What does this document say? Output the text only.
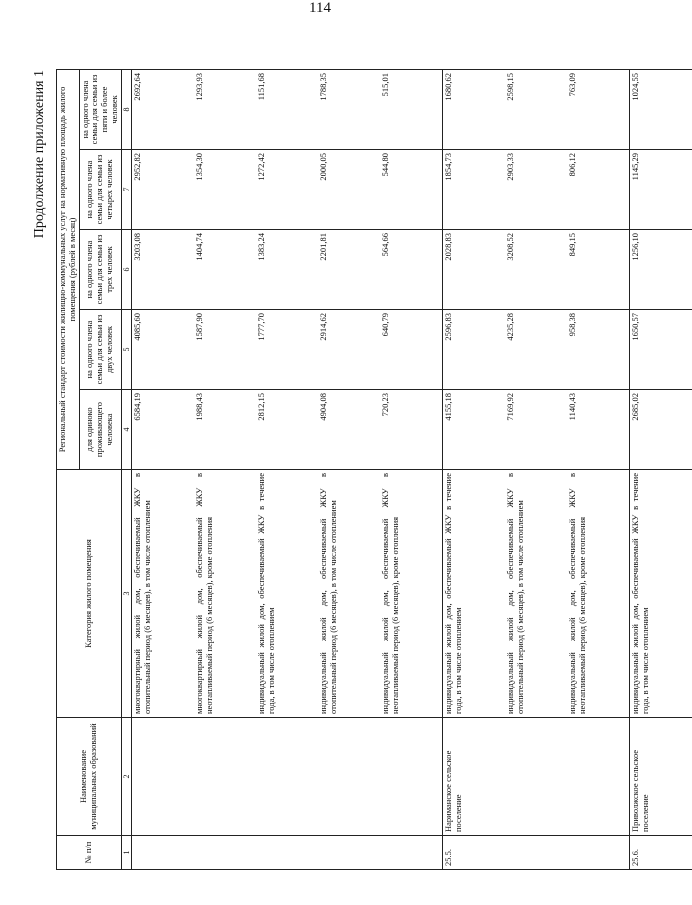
114
Продолжение приложения 1
№ п/п	Наименование муниципальных образований	Категория жилого помещения	Региональный стандарт стоимости жилищно-коммунальных услуг на нормативную площадь жилого помещения (рублей в месяц)				
			для одиноко проживающего человека	на одного члена семьи для семьи из двух человек	на одного члена семьи для семьи из трех человек	на одного члена семьи для семьи из четырех человек	на одного члена семьи для семьи из пяти и более человек
1	2	3	4	5	6	7	8
		многоквартирный жилой дом, обеспечиваемый ЖКУ в отопительный период (6 месяцев), в том числе отоплением	6584,19	4085,60	3203,08	2952,82	2692,64
		многоквартирный жилой дом, обеспечиваемый ЖКУ в неотапливаемый период (6 месяцев), кроме отопления	1988,43	1587,90	1404,74	1354,30	1293,93
		индивидуальный жилой дом, обеспечиваемый ЖКУ в течение года, в том числе отоплением	2812,15	1777,70	1383,24	1272,42	1151,68
		индивидуальный жилой дом, обеспечиваемый ЖКУ в отопительный период (6 месяцев), в том числе отоплением	4904,08	2914,62	2201,81	2000,05	1788,35
		индивидуальный жилой дом, обеспечиваемый ЖКУ в неотапливаемый период (6 месяцев), кроме отопления	720,23	640,79	564,66	544,80	515,01
25.5.	Нариманское сельское поселение	индивидуальный жилой дом, обеспечиваемый ЖКУ в течение года, в том числе отоплением	4155,18	2596,83	2028,83	1854,73	1680,62
		индивидуальный жилой дом, обеспечиваемый ЖКУ в отопительный период (6 месяцев), в том числе отоплением	7169,92	4235,28	3208,52	2903,33	2598,15
		индивидуальный жилой дом, обеспечиваемый ЖКУ в неотапливаемый период (6 месяцев), кроме отопления	1140,43	958,38	849,15	806,12	763,09
25.6.	Приволжское сельское поселение	индивидуальный жилой дом, обеспечиваемый ЖКУ в течение года, в том числе отоплением	2685,02	1650,57	1256,10	1145,29	1024,55
